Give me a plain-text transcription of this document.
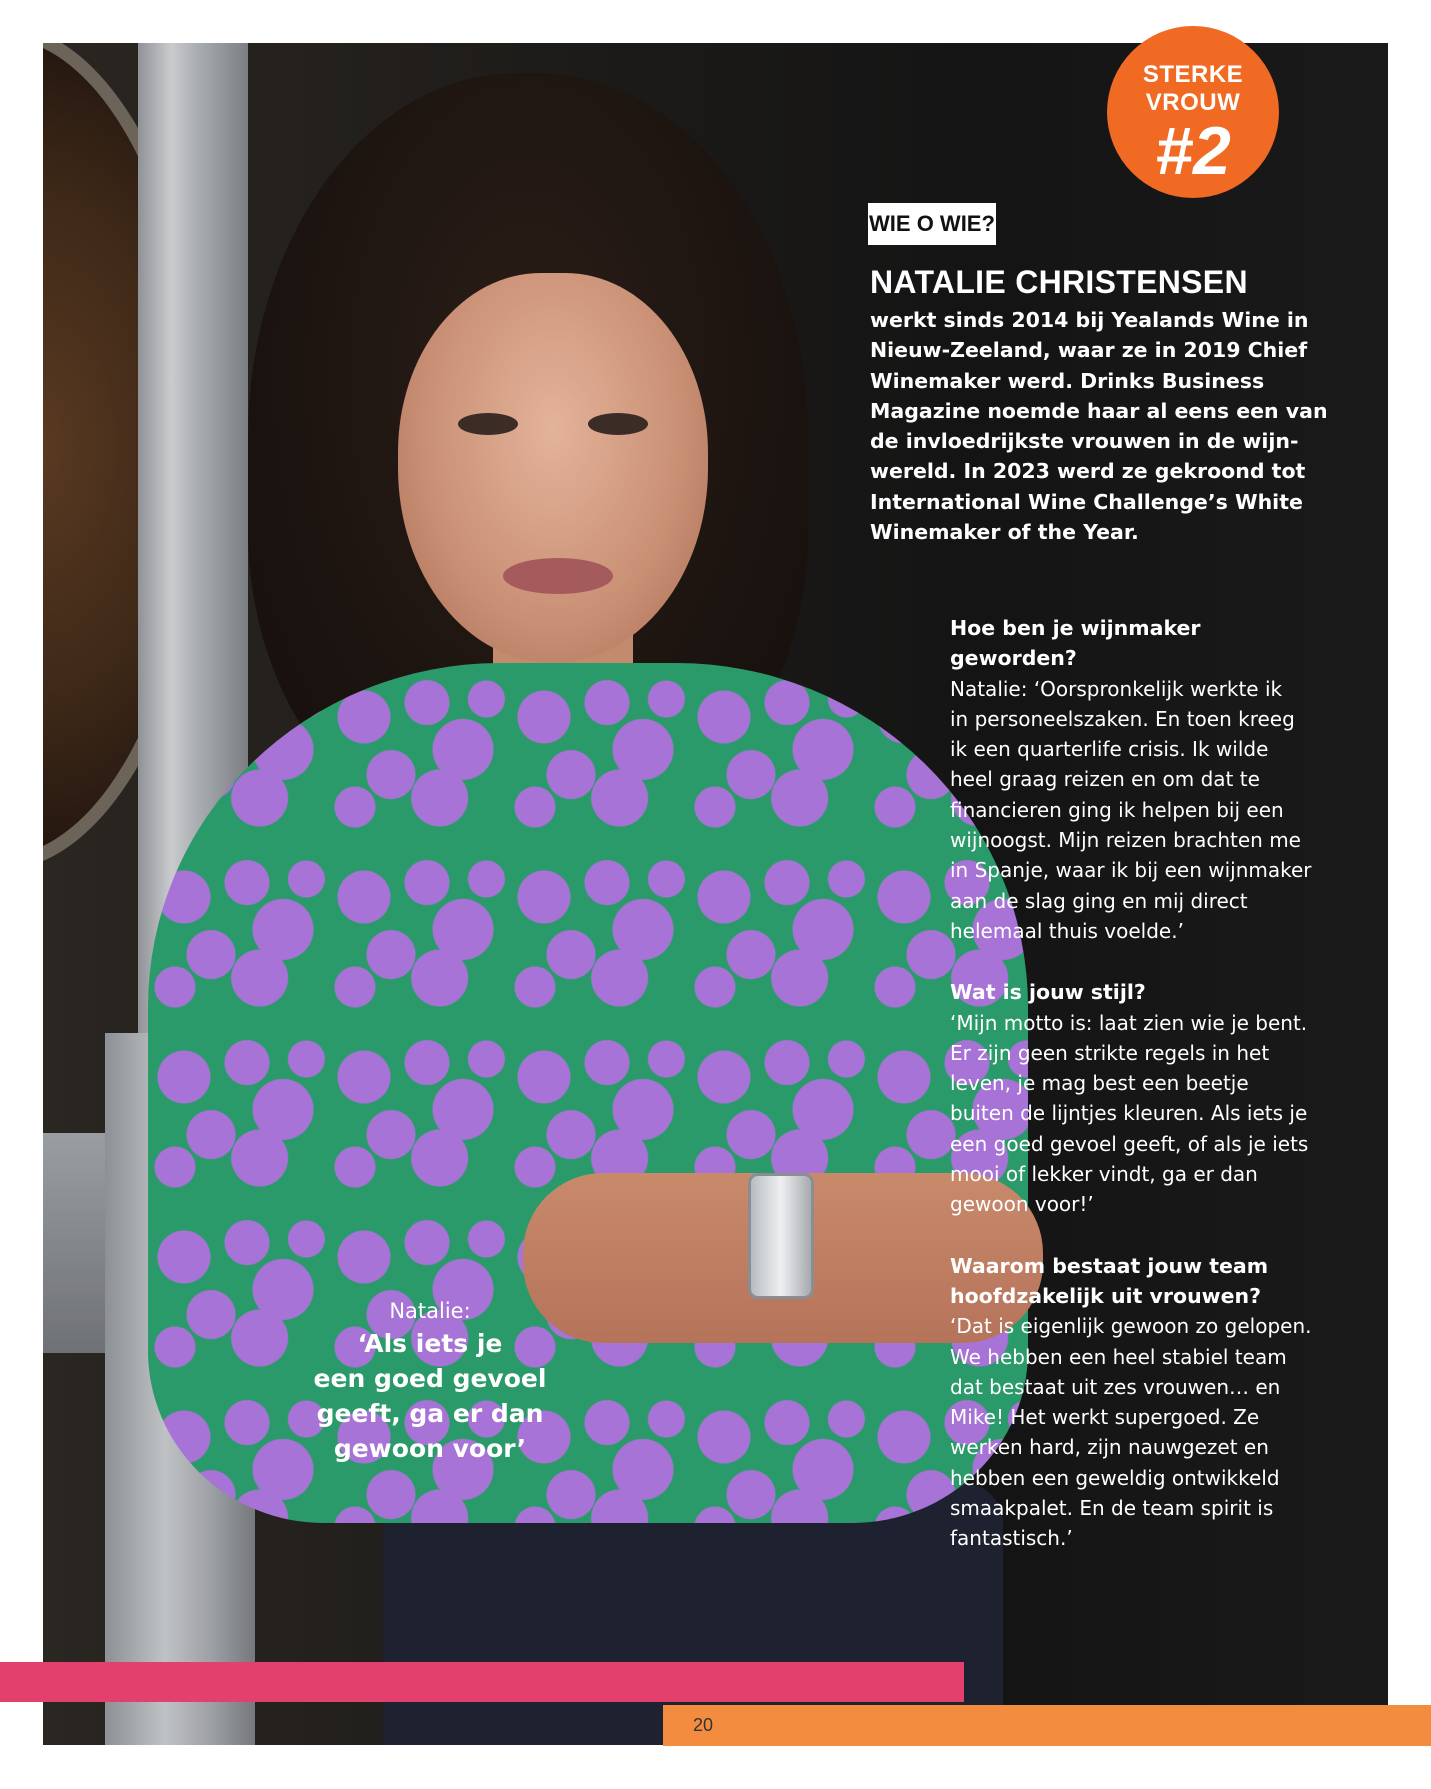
STERKE
VROUW
#2
WIE O WIE?
NATALIE CHRISTENSEN
werkt sinds 2014 bij Yealands Wine in
Nieuw-Zeeland, waar ze in 2019 Chief
Winemaker werd. Drinks Business
Magazine noemde haar al eens een van
de invloedrijkste vrouwen in de wijn-
wereld. In 2023 werd ze gekroond tot
International Wine Challenge’s White
Winemaker of the Year.
Hoe ben je wijnmaker
geworden?
Natalie: ‘Oorspronkelijk werkte ik
in personeelszaken. En toen kreeg
ik een quarterlife crisis. Ik wilde
heel graag reizen en om dat te
financieren ging ik helpen bij een
wijnoogst. Mijn reizen brachten me
in Spanje, waar ik bij een wijnmaker
aan de slag ging en mij direct
helemaal thuis voelde.’
Wat is jouw stijl?
‘Mijn motto is: laat zien wie je bent.
Er zijn geen strikte regels in het
leven, je mag best een beetje
buiten de lijntjes kleuren. Als iets je
een goed gevoel geeft, of als je iets
mooi of lekker vindt, ga er dan
gewoon voor!’
Waarom bestaat jouw team
hoofdzakelijk uit vrouwen?
‘Dat is eigenlijk gewoon zo gelopen.
We hebben een heel stabiel team
dat bestaat uit zes vrouwen… en
Mike! Het werkt supergoed. Ze
werken hard, zijn nauwgezet en
hebben een geweldig ontwikkeld
smaakpalet. En de team spirit is
fantastisch.’
Natalie:
‘Als iets je
een goed gevoel
geeft, ga er dan
gewoon voor’
20
